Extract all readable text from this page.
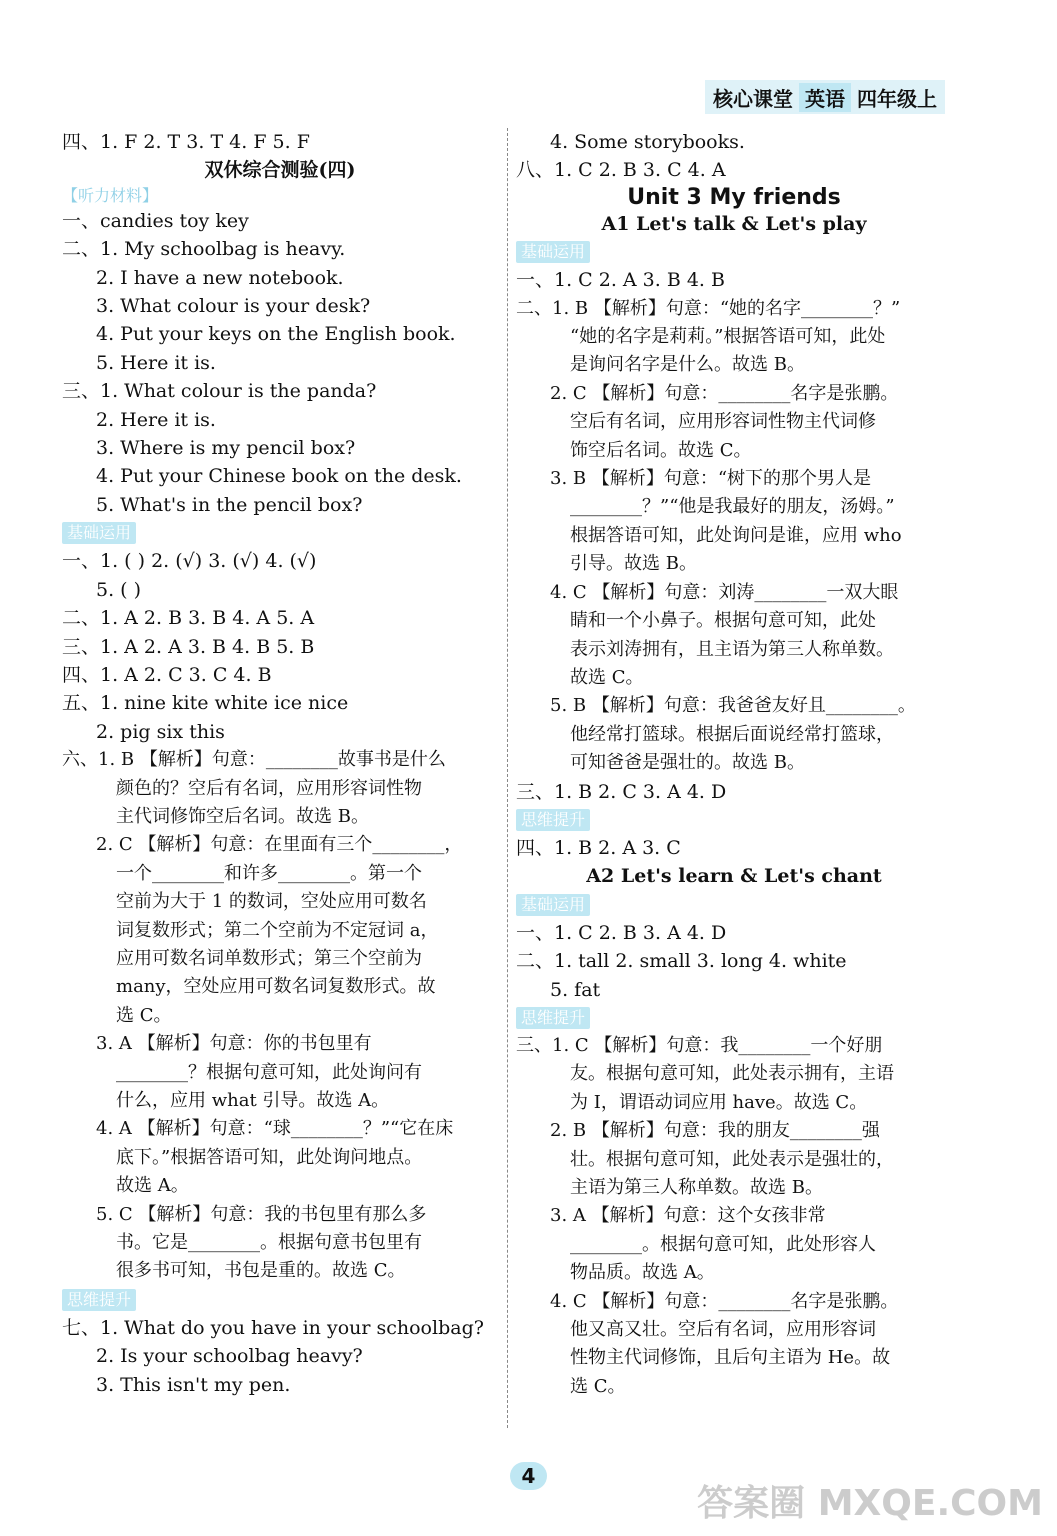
核心课堂 英语 四年级上
四、1. F 2. T 3. T 4. F 5. F
双休综合测验(四)
【听力材料】

一、candies toy key
二、1. My schoolbag is heavy.
2. I have a new notebook.
3. What colour is your desk?
4. Put your keys on the English book.
5. Here it is.
三、1. What colour is the panda?
2. Here it is.
3. Where is my pencil box?
4. Put your Chinese book on the desk.
5. What's in the pencil box?
基础运用

一、1. ( ) 2. (√) 3. (√) 4. (√)
5. ( )
二、1. A 2. B 3. B 4. A 5. A
三、1. A 2. A 3. B 4. B 5. B
四、1. A 2. C 3. C 4. B
五、1. nine kite white ice nice
2. pig six this
六、1. B 【解析】句意：________故事书是什么
颜色的？空后有名词，应用形容词性物
主代词修饰空后名词。故选 B。
2. C 【解析】句意：在里面有三个________，
一个________和许多________。第一个
空前为大于 1 的数词，空处应用可数名
词复数形式；第二个空前为不定冠词 a，
应用可数名词单数形式；第三个空前为
many，空处应用可数名词复数形式。故
选 C。
3. A 【解析】句意：你的书包里有
________？根据句意可知，此处询问有
什么，应用 what 引导。故选 A。
4. A 【解析】句意：“球________？”“它在床
底下。”根据答语可知，此处询问地点。
故选 A。
5. C 【解析】句意：我的书包里有那么多
书。它是________。根据句意书包里有
很多书可知，书包是重的。故选 C。
思维提升

七、1. What do you have in your schoolbag?
2. Is your schoolbag heavy?
3. This isn't my pen.
4. Some storybooks.
八、1. C 2. B 3. C 4. A
Unit 3 My friends
A1 Let's talk & Let's play
基础运用

一、1. C 2. A 3. B 4. B
二、1. B 【解析】句意：“她的名字________？”
“她的名字是莉莉。”根据答语可知，此处
是询问名字是什么。故选 B。
2. C 【解析】句意：________名字是张鹏。
空后有名词，应用形容词性物主代词修
饰空后名词。故选 C。
3. B 【解析】句意：“树下的那个男人是
________？”“他是我最好的朋友，汤姆。”
根据答语可知，此处询问是谁，应用 who
引导。故选 B。
4. C 【解析】句意：刘涛________一双大眼
睛和一个小鼻子。根据句意可知，此处
表示刘涛拥有，且主语为第三人称单数。
故选 C。
5. B 【解析】句意：我爸爸友好且________。
他经常打篮球。根据后面说经常打篮球，
可知爸爸是强壮的。故选 B。
三、1. B 2. C 3. A 4. D
思维提升

四、1. B 2. A 3. C
A2 Let's learn & Let's chant
基础运用

一、1. C 2. B 3. A 4. D
二、1. tall 2. small 3. long 4. white
5. fat
思维提升

三、1. C 【解析】句意：我________一个好朋
友。根据句意可知，此处表示拥有，主语
为 I，谓语动词应用 have。故选 C。
2. B 【解析】句意：我的朋友________强
壮。根据句意可知，此处表示是强壮的，
主语为第三人称单数。故选 B。
3. A 【解析】句意：这个女孩非常
________。根据句意可知，此处形容人
物品质。故选 A。
4. C 【解析】句意：________名字是张鹏。
他又高又壮。空后有名词，应用形容词
性物主代词修饰，且后句主语为 He。故
选 C。
4
答案圈 MXQE.COM
